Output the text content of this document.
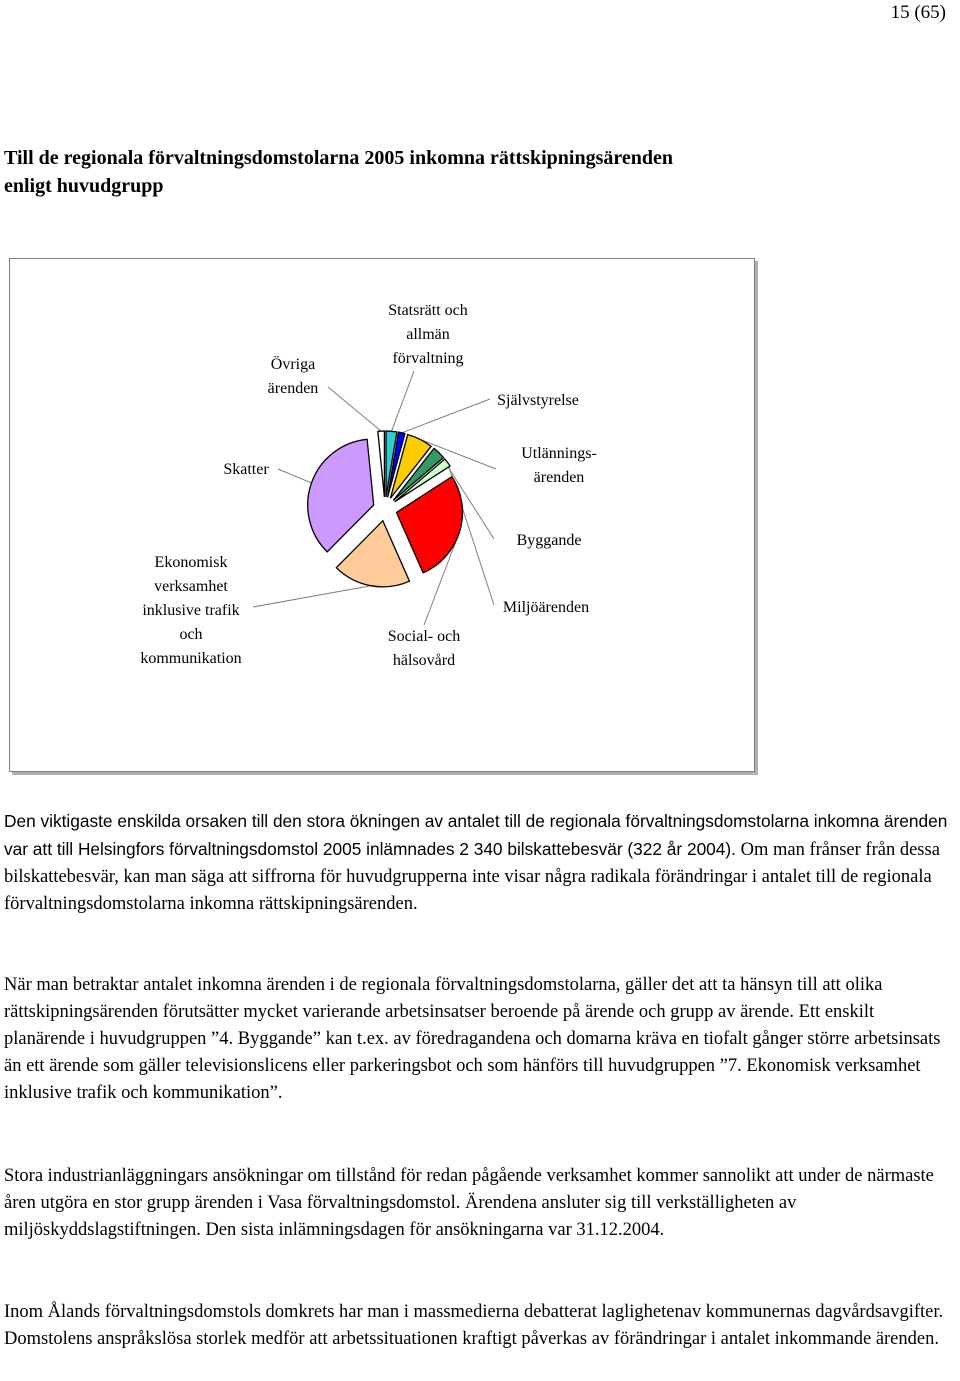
15 (65)
Till de regionala förvaltningsdomstolarna 2005 inkomna rättskipningsärenden
enligt huvudgrupp
Statsrätt och allmän förvaltning
Självstyrelse
Utlännings-ärenden
Byggande
Miljöärenden
Social- och hälsovård
Ekonomisk verksamhet inklusive trafik och kommunikation
Skatter
Övriga ärenden

Den viktigaste enskilda orsaken till den stora ökningen av antalet till de regionala förvaltningsdomstolarna inkomna ärenden var att till Helsingfors förvaltningsdomstol 2005 inlämnades 2 340 bilskattebesvär (322 år 2004). Om man frånser från dessa bilskattebesvär, kan man säga att siffrorna för huvudgrupperna inte visar några radikala förändringar i antalet till de regionala förvaltningsdomstolarna inkomna rättskipningsärenden.

När man betraktar antalet inkomna ärenden i de regionala förvaltningsdomstolarna, gäller det att ta hänsyn till att olika rättskipningsärenden förutsätter mycket varierande arbetsinsatser beroende på ärende och grupp av ärende. Ett enskilt planärende i huvudgruppen ”4. Byggande” kan t.ex. av föredragandena och domarna kräva en tiofalt gånger större arbetsinsats än ett ärende som gäller televisionslicens eller parkeringsbot och som hänförs till huvudgruppen ”7. Ekonomisk verksamhet inklusive trafik och kommunikation”.

Stora industrianläggningars ansökningar om tillstånd för redan pågående verksamhet kommer sannolikt att under de närmaste åren utgöra en stor grupp ärenden i Vasa förvaltningsdomstol. Ärendena ansluter sig till verkställigheten av miljöskyddslagstiftningen. Den sista inlämningsdagen för ansökningarna var 31.12.2004.

Inom Ålands förvaltningsdomstols domkrets har man i massmedierna debatterat laglighetenav kommunernas dagvårdsavgifter. Domstolens anspråkslösa storlek medför att arbetssituationen kraftigt påverkas av förändringar i antalet inkommande ärenden.
